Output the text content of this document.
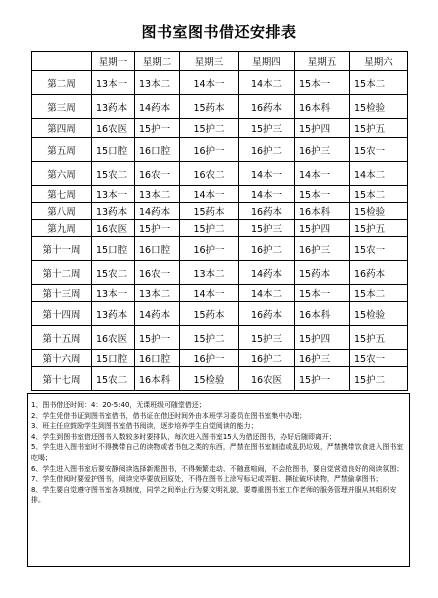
图书室图书借还安排表
	星期一	星期二	星期三	星期四	星期五	星期六
第二周	13本一	13本二	14本一	14本二	15本一	15本二
第三周	13药本	14药本	15药本	16药本	16本科	15检验
第四周	16农医	15护一	15护二	15护三	15护四	15护五
第五周	15口腔	16口腔	16护一	16护二	16护三	15农一
第六周	15农二	16农一	16农二	14本一	14本一	14本二
第七周	13本一	13本二	14本一	14本一	15本一	15本二
第八周	13药本	14药本	15药本	16药本	16本科	15检验
第九周	16农医	15护一	15护二	15护三	15护四	15护五
第十一周	15口腔	16口腔	16护一	16护二	16护三	15农一
第十二周	15农二	16农一	13本二	14药本	15药本	16药本
第十三周	13本一	13本二	14本一	14本二	15本一	15本二
第十四周	13药本	14药本	15药本	16药本	16本科	15检验
第十五周	16农医	15护一	15护二	15护三	15护四	15护五
第十六周	15口腔	16口腔	16护一	16护二	16护三	15农一
第十七周	15农二	16本科	15检验	16农医	15护一	15护二

1、图书借还时间：4：20-5:40，无课班级可随堂借还；

2、学生凭借书证到图书室借书，借书证在借还时间外由本班学习委员在图书室集中办理；

3、班主任应鼓励学生到图书室借书阅读，逐步培养学生自觉阅读的能力；

4、学生到图书室借还图书人数较多时要排队，每次进入图书室15人为借还图书，办好后随即离开；

5、学生进入图书室时不得携带自己的读物或者书包之类的东西，严禁在图书室制造或乱扔垃圾，严禁携带饮食进入图书室吃喝；

6、学生进入图书室后要安静阅读选择新需图书，不得频繁走动、不随意喧闹，不会抢图书，要自觉营造良好的阅读氛围；

7、学生借阅时要爱护图书，阅读完毕要放回原处，不得在图书上涂写标记或弄脏、撕扯破坏读物，严禁偷拿图书；

8、学生要自觉遵守图书室各项制度，同学之间举止行为要文明礼貌，要尊重图书室工作老师的服务管理并服从其组织安排。
